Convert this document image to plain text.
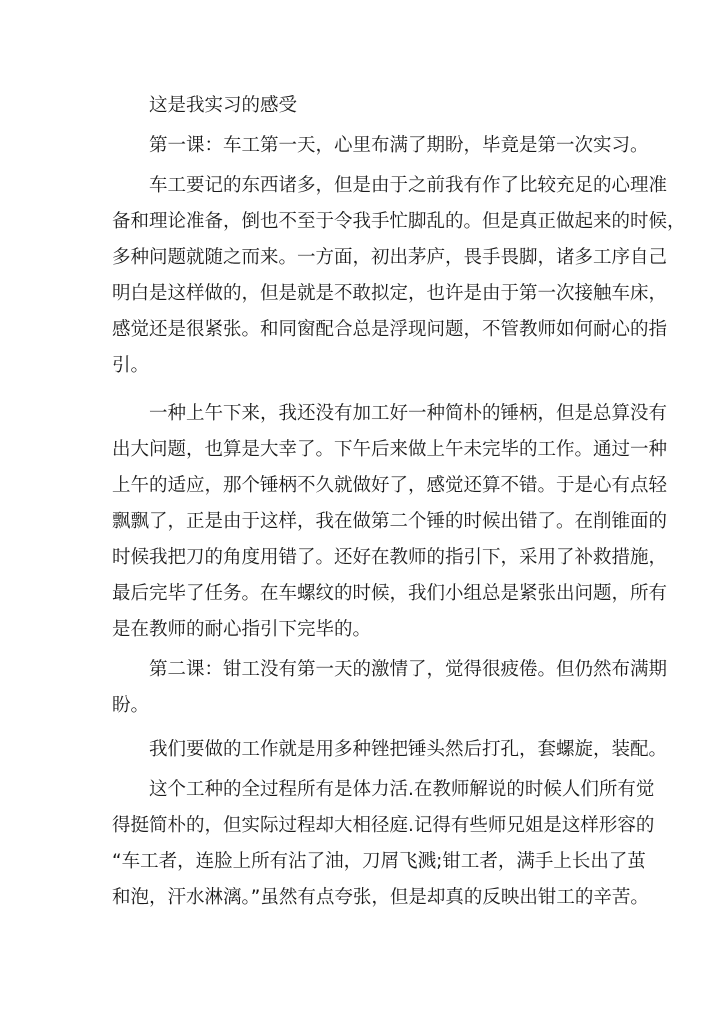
这是我实习的感受
第一课：车工第一天，心里布满了期盼，毕竟是第一次实习。
车工要记的东西诸多，但是由于之前我有作了比较充足的心理准
备和理论准备，倒也不至于令我手忙脚乱的。但是真正做起来的时候，
多种问题就随之而来。一方面，初出茅庐，畏手畏脚，诸多工序自己
明白是这样做的，但是就是不敢拟定，也许是由于第一次接触车床，
感觉还是很紧张。和同窗配合总是浮现问题，不管教师如何耐心的指
引。
一种上午下来，我还没有加工好一种简朴的锤柄，但是总算没有
出大问题，也算是大幸了。下午后来做上午未完毕的工作。通过一种
上午的适应，那个锤柄不久就做好了，感觉还算不错。于是心有点轻
飘飘了，正是由于这样，我在做第二个锤的时候出错了。在削锥面的
时候我把刀的角度用错了。还好在教师的指引下，采用了补救措施，
最后完毕了任务。在车螺纹的时候，我们小组总是紧张出问题，所有
是在教师的耐心指引下完毕的。
第二课：钳工没有第一天的激情了，觉得很疲倦。但仍然布满期
盼。
我们要做的工作就是用多种锉把锤头然后打孔，套螺旋，装配。
这个工种的全过程所有是体力活.在教师解说的时候人们所有觉
得挺简朴的，但实际过程却大相径庭.记得有些师兄姐是这样形容的
“车工者，连脸上所有沾了油，刀屑飞溅;钳工者，满手上长出了茧
和泡，汗水淋漓。”虽然有点夸张，但是却真的反映出钳工的辛苦。
